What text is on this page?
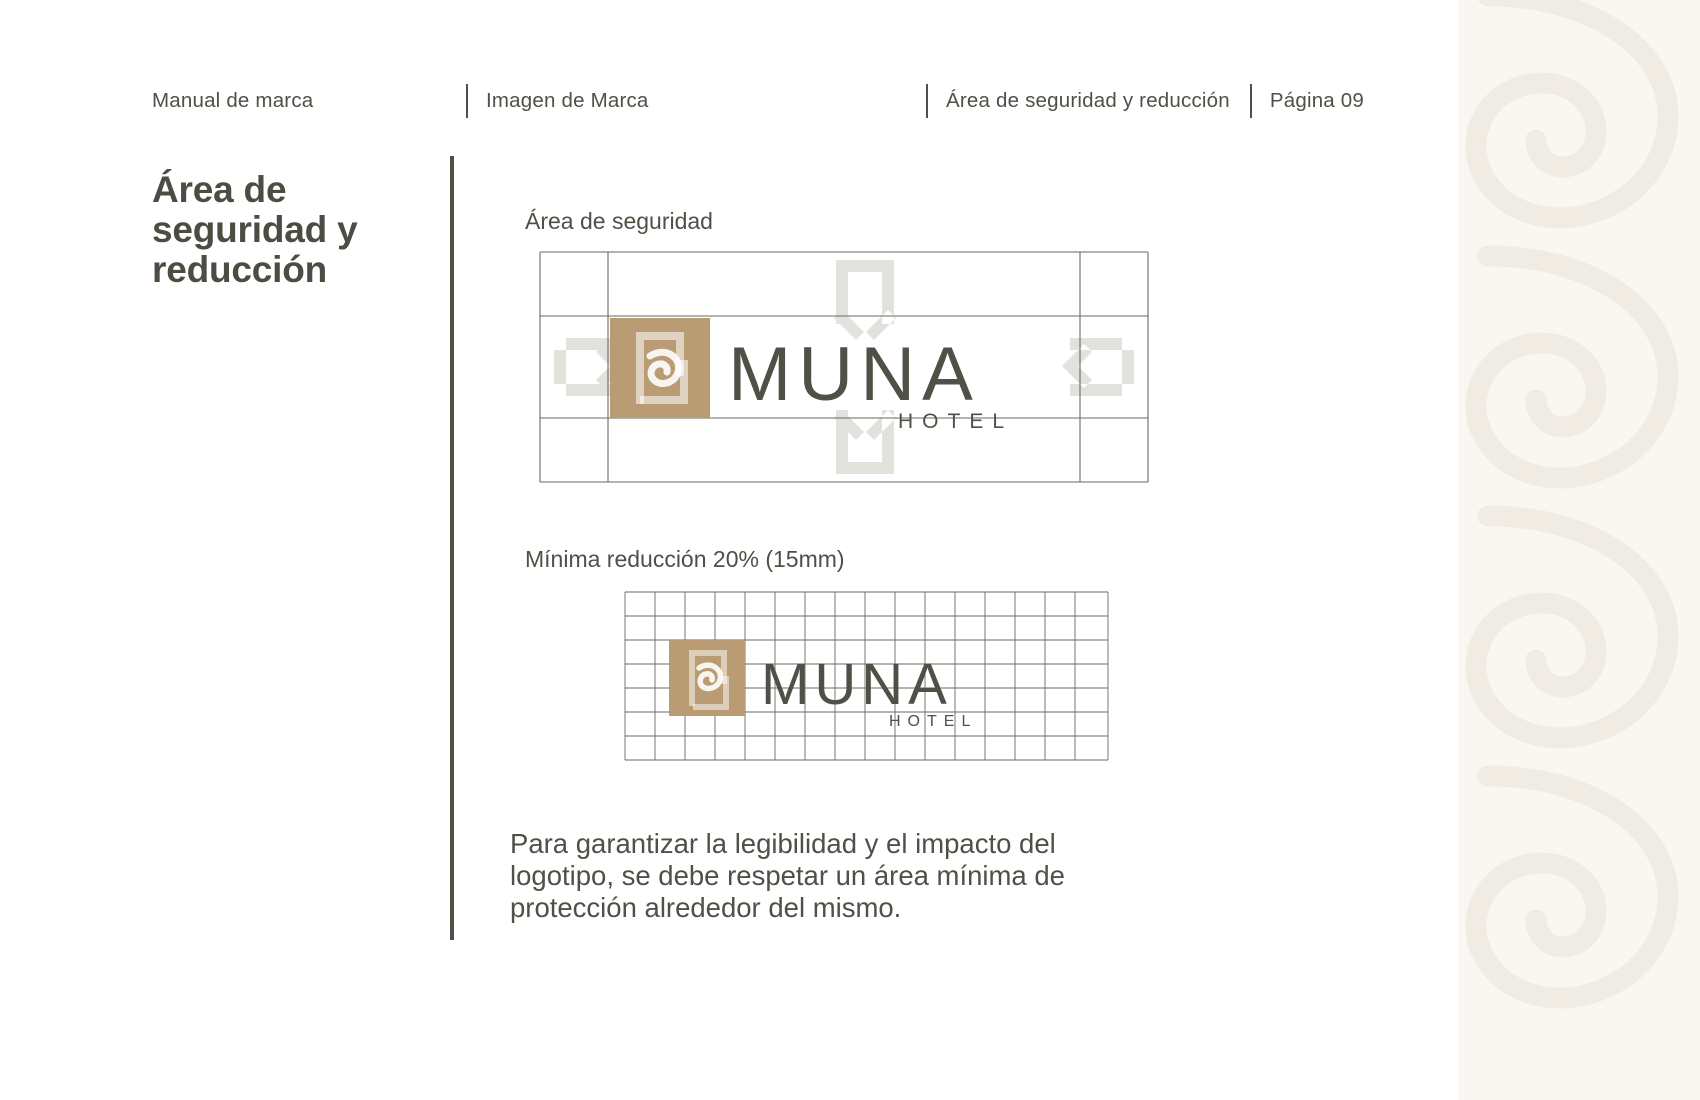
Manual de marca	Imagen de Marca	Área de seguridad y reducción Página 09
Área de seguridad y reducción
Área de seguridad
Mínima reducción 20% (15mm)
MUNA
HOTEL
MUNA
HOTEL
Para garantizar la legibilidad y el impacto del
logotipo, se debe respetar un área mínima de
protección alrededor del mismo.
